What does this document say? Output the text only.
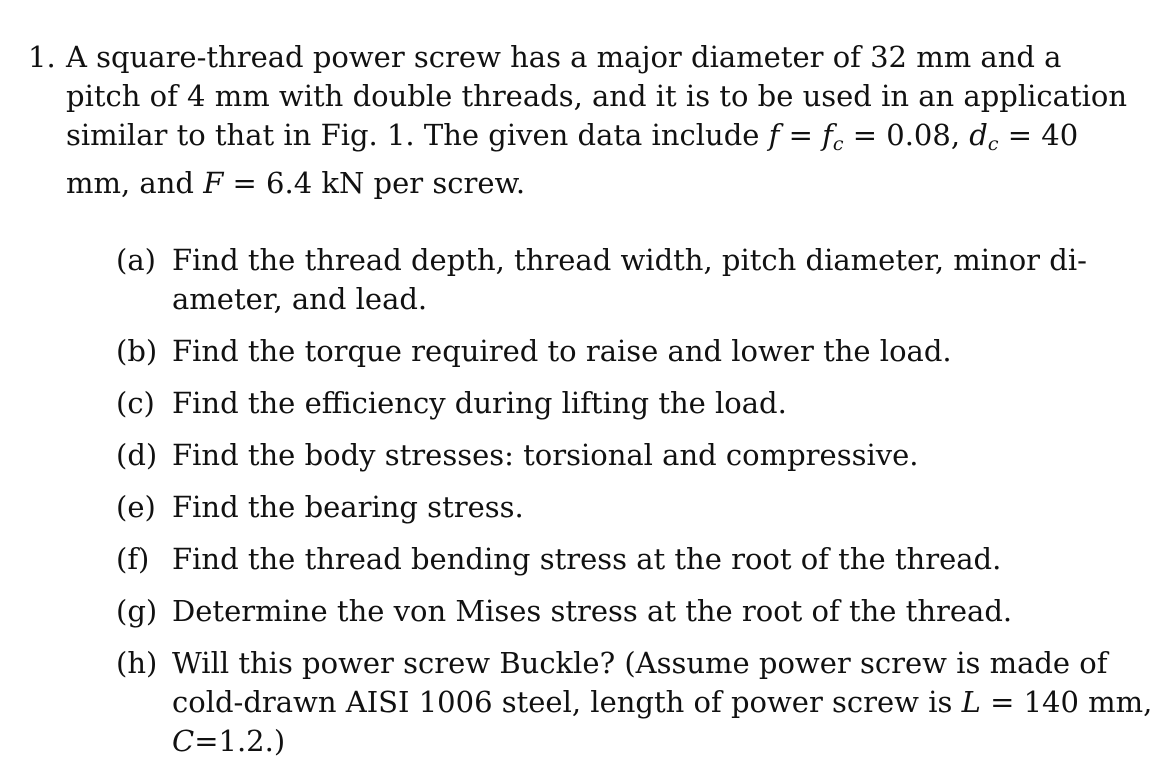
1. A square-thread power screw has a major diameter of 32 mm and a
pitch of 4 mm with double threads, and it is to be used in an application
similar to that in Fig. 1. The given data include $f = f_c = 0.08$, $d_c = 40$
mm, and F = 6.4 kN per screw.
(a) Find the thread depth, thread width, pitch diameter, minor di-
ameter, and lead.
(b) Find the torque required to raise and lower the load.
(c) Find the efficiency during lifting the load.
(d) Find the body stresses: torsional and compressive.
(e) Find the bearing stress.
(f) Find the thread bending stress at the root of the thread.
(g) Determine the von Mises stress at the root of the thread.
(h) Will this power screw Buckle? (Assume power screw is made of
cold-drawn AISI 1006 steel, length of power screw is L = 140 mm,
C=1.2.)
